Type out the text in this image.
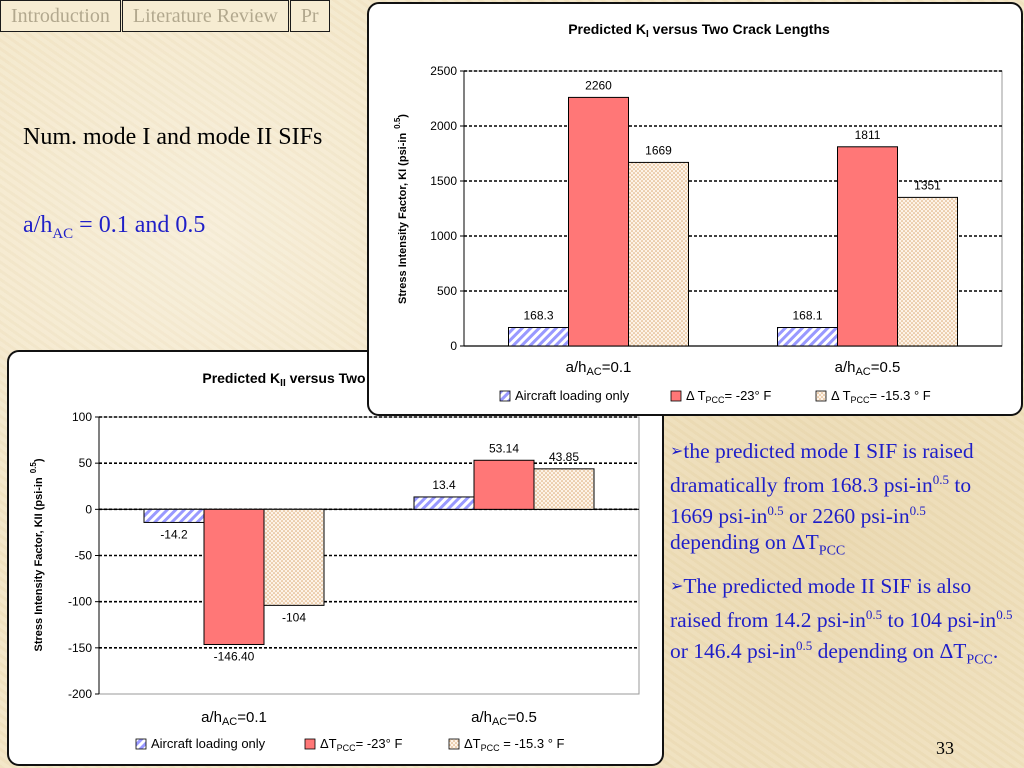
Introduction	Literature Review	Pr
Num. mode I and mode II SIFs
$a/h_{AC} = 0.1$ and 0.5

➢the predicted mode I SIF is raised dramatically from 168.3 psi-$in^{0.5}$ to 1669 psi-$in^{0.5}$ or 2260 psi-$in^{0.5}$ depending on $\Delta T_{PCC}$

➢The predicted mode II SIF is also raised from 14.2 psi-$in^{0.5}$ to 104 psi-$in^{0.5}$ or 146.4 psi-$in^{0.5}$ depending on $\Delta T_{PCC}$.

Predicted $K_{II}$ versus Two
-200
-150
-100
-50
0
50
100
Stress Intensity Factor, KII $(psi-in^{0.5})$
-14.2
-146.40
-104
$a/h_{AC}=0.1$
13.4
53.14
43.85
$a/h_{AC}=0.5$
Aircraft loading only	$\Delta T_{PCC}= -23^\circ$ F	$\Delta T_{PCC} = -15.3$ ° F
Predicted $K_I$ versus Two Crack Lengths
0
500
1000
1500
2000
2500
Stress Intensity Factor, KI $(psi-in^{0.5})$
168.3
2260
1669
$a/h_{AC}=0.1$
168.1
1811
1351
$a/h_{AC}=0.5$
Aircraft loading only	Δ $T_{PCC}= -23^\circ$ F	Δ $T_{PCC}= -15.3$ ° F
33
